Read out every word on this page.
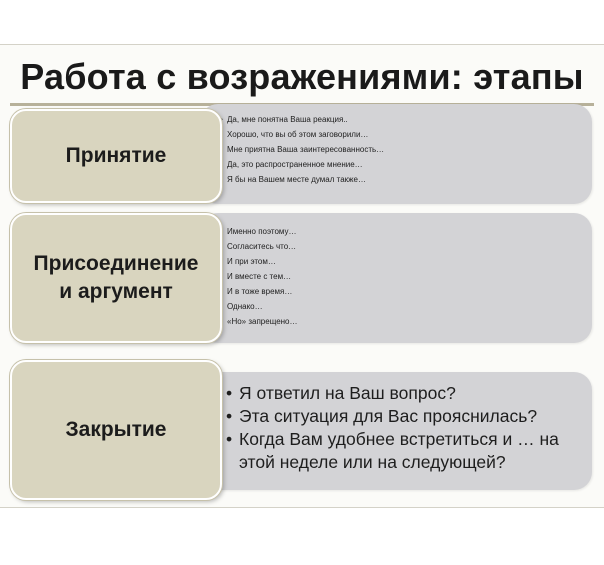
Работа с возражениями: этапы
• Да, мне понятна Ваша реакция..
• Хорошо, что вы об этом заговорили…
• Мне приятна Ваша заинтересованность…
• Да, это распространенное мнение…
• Я бы на Вашем месте думал также…
Принятие
• Именно поэтому…
• Согласитесь что…
• И при этом…
• И вместе с тем…
• И в тоже время…
• Однако…
• «Но» запрещено…
Присоединение
и аргумент
• Я ответил на Ваш вопрос?
• Эта ситуация для Вас прояснилась?
• Когда Вам удобнее встретиться и … на этой неделе или на следующей?
Закрытие
